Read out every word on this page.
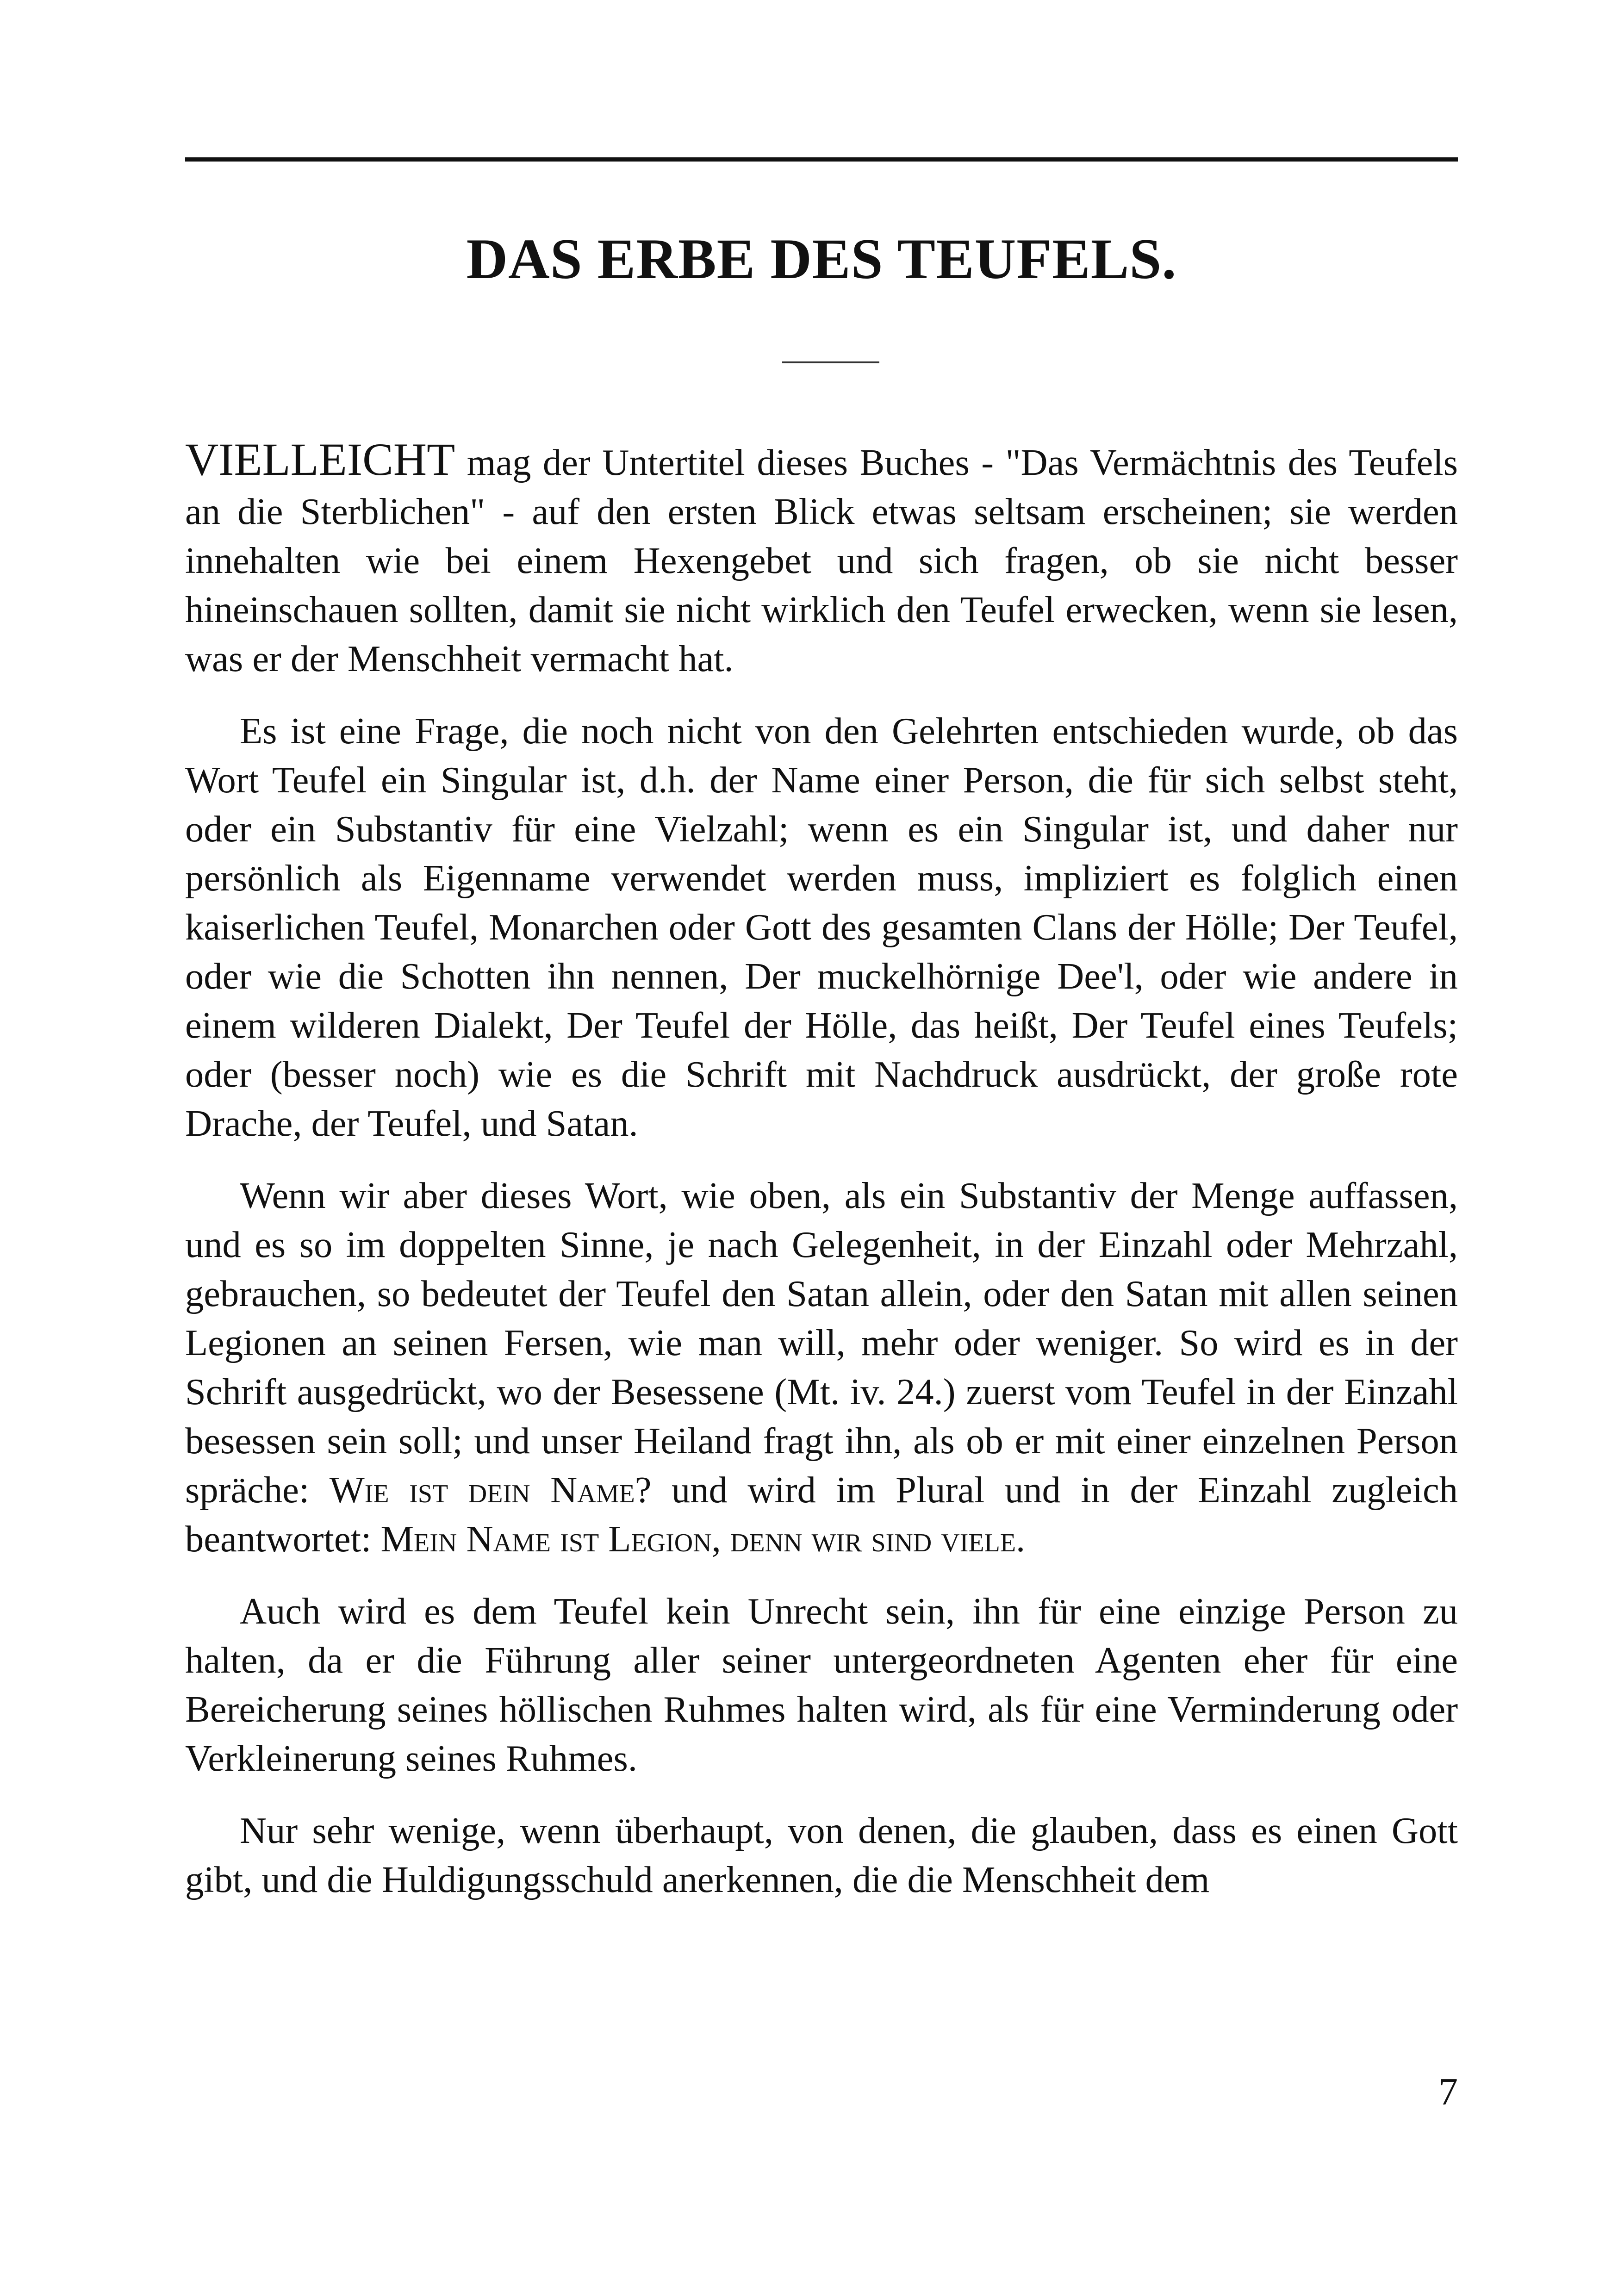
DAS ERBE DES TEUFELS.

VIELLEICHT mag der Untertitel dieses Buches - "Das Vermächtnis des Teufels an die Sterblichen" - auf den ersten Blick etwas seltsam erscheinen; sie werden innehalten wie bei einem Hexengebet und sich fragen, ob sie nicht besser hineinschauen sollten, damit sie nicht wirklich den Teufel erwecken, wenn sie lesen, was er der Menschheit vermacht hat.

Es ist eine Frage, die noch nicht von den Gelehrten entschieden wurde, ob das Wort Teufel ein Singular ist, d.h. der Name einer Person, die für sich selbst steht, oder ein Substantiv für eine Vielzahl; wenn es ein Singular ist, und daher nur persönlich als Eigenname verwendet werden muss, impliziert es folglich einen kaiserlichen Teufel, Monarchen oder Gott des gesamten Clans der Hölle; Der Teufel, oder wie die Schotten ihn nennen, Der muckelhörnige Dee'l, oder wie andere in einem wilderen Dialekt, Der Teufel der Hölle, das heißt, Der Teufel eines Teufels; oder (besser noch) wie es die Schrift mit Nachdruck ausdrückt, der große rote Drache, der Teufel, und Satan.

Wenn wir aber dieses Wort, wie oben, als ein Substantiv der Menge auffassen, und es so im doppelten Sinne, je nach Gelegenheit, in der Einzahl oder Mehrzahl, gebrauchen, so bedeutet der Teufel den Satan allein, oder den Satan mit allen seinen Legionen an seinen Fersen, wie man will, mehr oder weniger. So wird es in der Schrift ausgedrückt, wo der Besessene (Mt. iv. 24.) zuerst vom Teufel in der Einzahl besessen sein soll; und unser Heiland fragt ihn, als ob er mit einer einzelnen Person spräche: Wie ist dein Name? und wird im Plural und in der Einzahl zugleich beantwortet: Mein Name ist Legion, denn wir sind viele.

Auch wird es dem Teufel kein Unrecht sein, ihn für eine einzige Person zu halten, da er die Führung aller seiner untergeordneten Agenten eher für eine Bereicherung seines höllischen Ruhmes halten wird, als für eine Verminderung oder Verkleinerung seines Ruhmes.

Nur sehr wenige, wenn überhaupt, von denen, die glauben, dass es einen Gott gibt, und die Huldigungsschuld anerkennen, die die Menschheit dem

7
